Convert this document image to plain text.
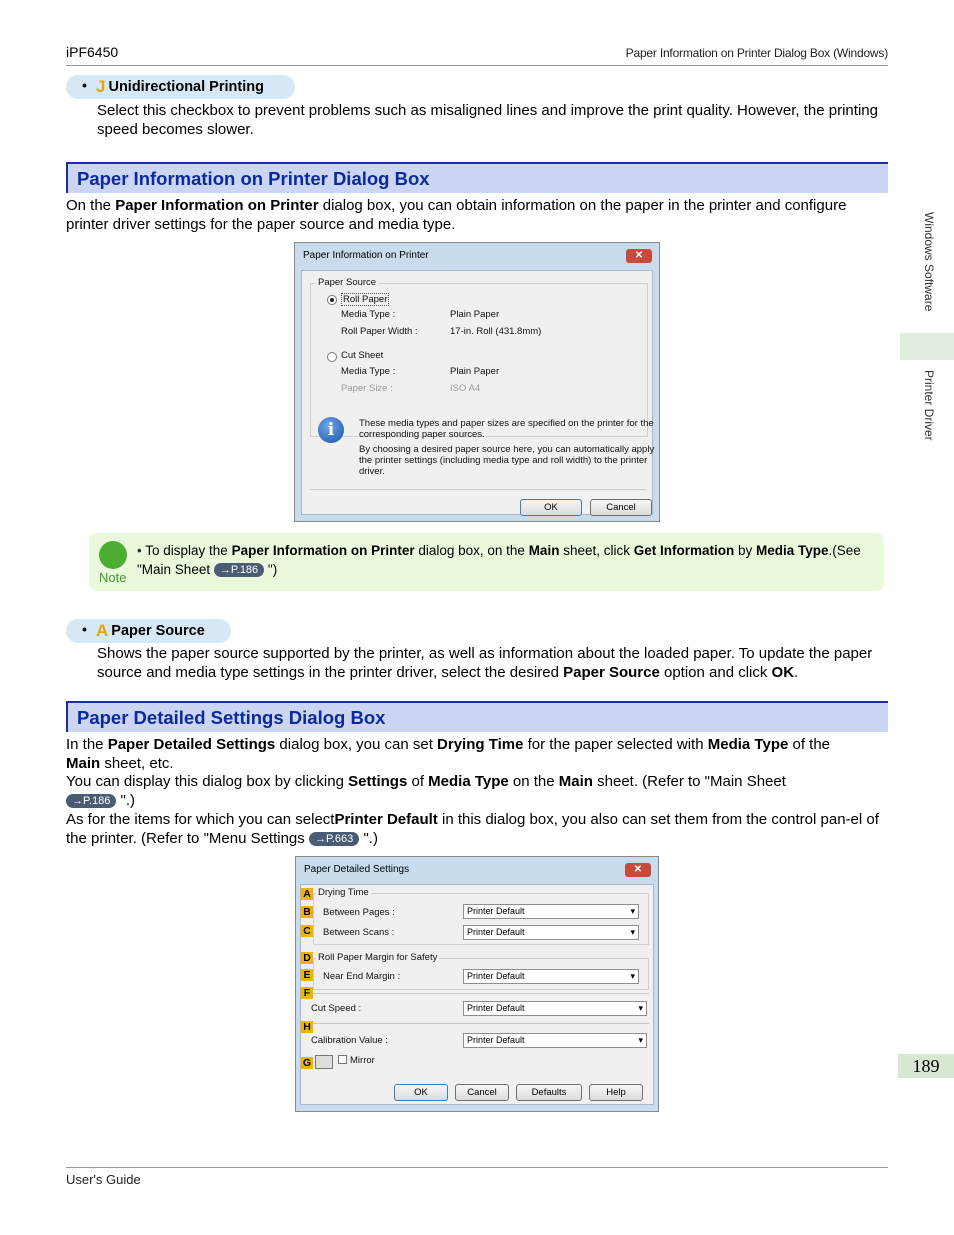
iPF6450	Paper Information on Printer Dialog Box (Windows)
Windows Software
Printer Driver
189
• J Unidirectional Printing
Select this checkbox to prevent problems such as misaligned lines and improve the print quality. However, the printing speed becomes slower.
Paper Information on Printer Dialog Box
On the Paper Information on Printer dialog box, you can obtain information on the paper in the printer and configure printer driver settings for the paper source and media type.
Paper Information on Printer	✕
Paper Source
Roll Paper
Media Type :	Plain Paper
Roll Paper Width :	17-in. Roll (431.8mm)
Cut Sheet
Media Type :	Plain Paper
Paper Size :	ISO A4
i	These media types and paper sizes are specified on the printer for the
corresponding paper sources.
By choosing a desired paper source here, you can automatically apply
the printer settings (including media type and roll width) to the printer
driver.
OK	Cancel
Note
• To display the Paper Information on Printer dialog box, on the Main sheet, click Get Information by Media Type.(See
"Main Sheet →P.186 ")
• A Paper Source
Shows the paper source supported by the printer, as well as information about the loaded paper. To update the paper source and media type settings in the printer driver, select the desired Paper Source option and click OK.
Paper Detailed Settings Dialog Box
In the Paper Detailed Settings dialog box, you can set Drying Time for the paper selected with Media Type of the
Main sheet, etc.
You can display this dialog box by clicking Settings of Media Type on the Main sheet. (Refer to "Main Sheet
→P.186 ".)
As for the items for which you can selectPrinter Default in this dialog box, you also can set them from the control pan-el of the printer. (Refer to "Menu Settings →P.663 ".)
Paper Detailed Settings	✕
A
B
C
D
E
F
H
G
Drying Time
Between Pages :	Printer Default ▾
Between Scans :	Printer Default ▾
Roll Paper Margin for Safety
Near End Margin :	Printer Default ▾
Cut Speed :	Printer Default ▾
Calibration Value :	Printer Default ▾
Mirror
OK	Cancel	Defaults	Help
User's Guide
